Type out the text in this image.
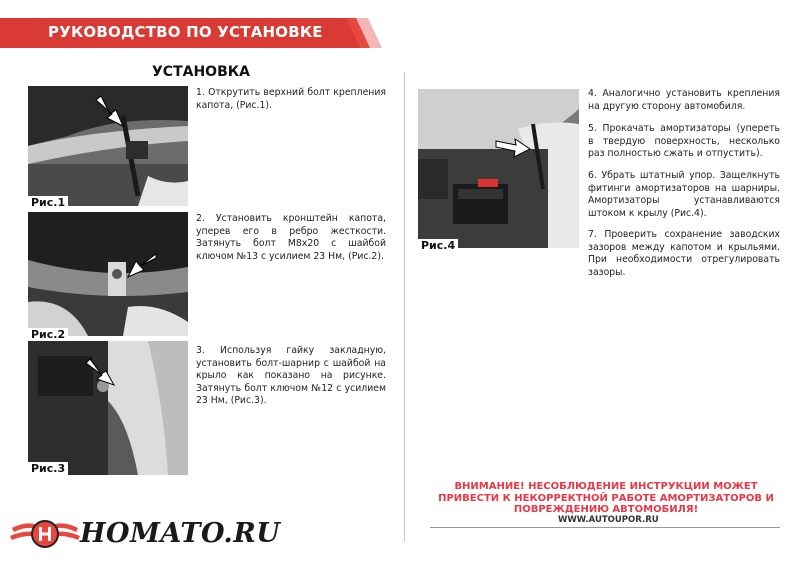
РУКОВОДСТВО ПО УСТАНОВКЕ
УСТАНОВКА
Рис.1
Рис.2
Рис.3
Рис.4
1. Открутить верхний болт крепления капота, (Рис.1).
2. Установить кронштейн капота, уперев его в ребро жесткости. Затянуть болт М8х20 с шайбой ключом №13 с усилием 23 Нм, (Рис.2).
3. Используя гайку закладную, установить болт-шарнир с шайбой на крыло как показано на рисунке. Затянуть болт ключом №12 с усилием 23 Нм, (Рис.3).
4. Аналогично установить крепления на другую сторону автомобиля.
5. Прокачать амортизаторы (упереть в твердую поверхность, несколько раз полностью сжать и отпустить).
6. Убрать штатный упор. Защелкнуть фитинги амортизаторов на шарниры. Амортизаторы устанавливаются штоком к крылу (Рис.4).
7. Проверить сохранение заводских зазоров между капотом и крыльями. При необходимости отрегулировать зазоры.
ВНИМАНИЕ! НЕСОБЛЮДЕНИЕ ИНСТРУКЦИИ МОЖЕТ ПРИВЕСТИ К НЕКОРРЕКТНОЙ РАБОТЕ АМОРТИЗАТОРОВ И ПОВРЕЖДЕНИЮ АВТОМОБИЛЯ!
WWW.AUTOUPOR.RU
HOMATO.RU
